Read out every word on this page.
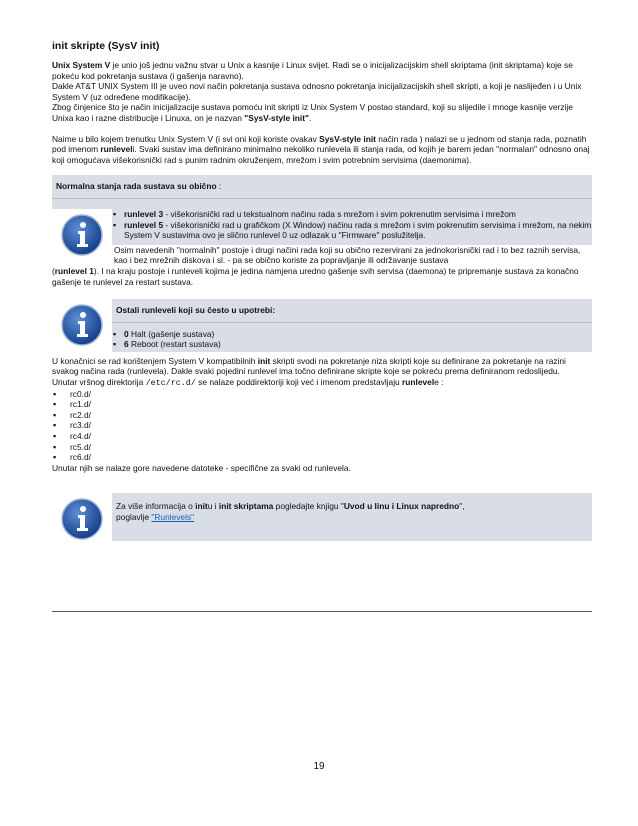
init skripte (SysV init)

Unix System V je unio još jednu važnu stvar u Unix a kasnije i Linux svijet. Radi se o inicijalizacijskim shell skriptama (init skriptama) koje se pokeću kod pokretanja sustava (i gašenja naravno).

Dakle AT&T UNIX System III je uveo novi način pokretanja sustava odnosno pokretanja inicijalizacijskih shell skripti, a koji je naslijeđen i u Unix System V (uz određene modifikacije).

Zbog činjenice što je način inicijalizacije sustava pomoću init skripti iz Unix System V postao standard, koji su slijedile i mnoge kasnije verzije Unixa kao i razne distribucije i Linuxa, on je nazvan "SysV-style init".

Naime u bilo kojem trenutku Unix System V (i svi oni koji koriste ovakav SysV-style init način rada ) nalazi se u jednom od stanja rada, poznatih pod imenom runleveli. Svaki sustav ima definirano minimalno nekoliko runlevela ili stanja rada, od kojih je barem jedan "normalan" odnosno onaj koji omogućava višekorisnički rad s punim radnim okruženjem, mrežom i svim potrebnim servisima (daemonima).

Normalna stanja rada sustava su obično :
▪ runlevel 3 - višekorisnički rad u tekstualnom načinu rada s mrežom i svim pokrenutim servisima i mrežom
▪ runlevel 5 - višekorisnički rad u grafičkom (X Window) načinu rada s mrežom i svim pokrenutim servisima i mrežom, na nekim System V sustavima ovo je slično runlevel 0 uz odlazak u "Firmware" poslužitelja.

Osim navedenih "normalnih" postoje i drugi načini rada koji su obično rezervirani za jednokorisnički rad i to bez raznih servisa, kao i bez mrežnih diskova i sl. - pa se obično koriste za popravljanje ili održavanje sustava

(runlevel 1). I na kraju postoje i runleveli kojima je jedina namjena uredno gašenje svih servisa (daemona) te pripremanje sustava za konačno gašenje te runlevel za restart sustava.

Ostali runleveli koji su često u upotrebi:
▪ 0 Halt (gašenje sustava)
▪ 6 Reboot (restart sustava)

U konačnici se rad korištenjem System V kompatibilnih init skripti svodi na pokretanje niza skripti koje su definirane za pokretanje na razini svakog načina rada (runlevela). Dakle svaki pojedini runlevel ima točno definirane skripte koje se pokreću prema definiranom redoslijedu.

Unutar vršnog direktorija /etc/rc.d/ se nalaze poddirektoriji koji već i imenom predstavljaju runlevele :

▪ rc0.d/
▪ rc1.d/
▪ rc2.d/
▪ rc3.d/
▪ rc4.d/
▪ rc5.d/
▪ rc6.d/

Unutar njih se nalaze gore navedene datoteke - specifične za svaki od runlevela.

Za više informacija o initu i init skriptama pogledajte knjigu "Uvod u linu i Linux napredno",

poglavlje "Runlevels"

19
